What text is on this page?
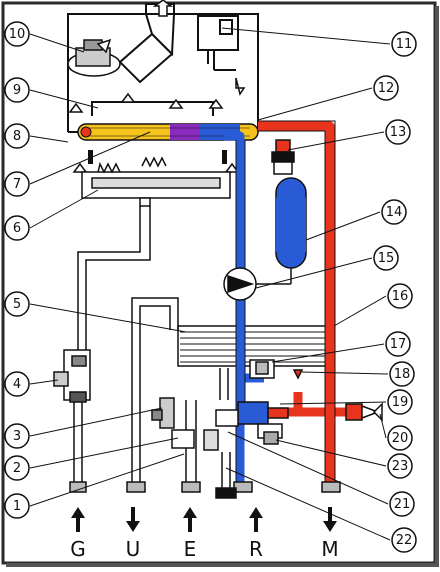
10
11
9	12
8	13
7
14
6
15
5
16
4
17
3
18
2
19
1
20
21
23
22
G U E	R	M
